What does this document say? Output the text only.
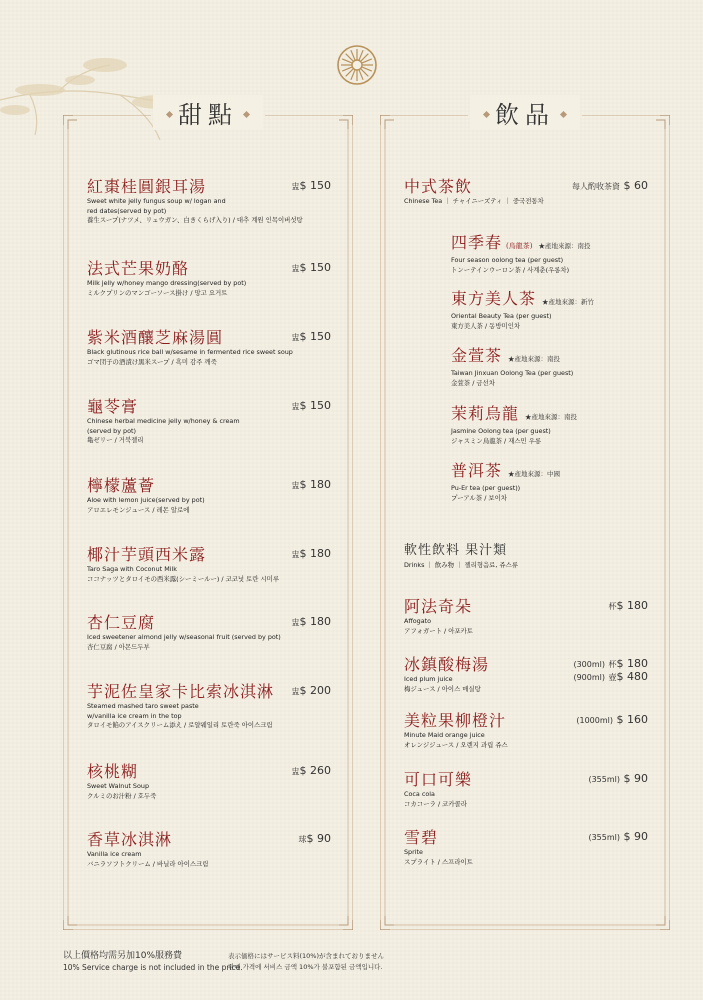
甜點
紅棗桂圓銀耳湯	盅$ 150
Sweet white jelly fungus soup w/ logan and
red dates(served by pot)
養生スープ(ナツメ、リュウガン、白きくらげ入り) / 대추 계원 인목이버섯탕
法式芒果奶酪	盅$ 150
Milk jelly w/honey mango dressing(served by pot)
ミルクプリンのマンゴーソース掛け / 망고 요거트
紫米酒釀芝麻湯圓	盅$ 150
Black glutinous rice ball w/sesame in fermented rice sweet soup
ゴマ団子の酒漬け黒米スープ / 흑미 감주 깨죽
龜苓膏	盅$ 150
Chinese herbal medicine jelly w/honey & cream
(served by pot)
亀ゼリー / 거북젤리
檸檬蘆薈	盅$ 180
Aloe with lemon juice(served by pot)
アロエレモンジュース / 레몬 알로에
椰汁芋頭西米露	盅$ 180
Taro Saga with Coconut Milk
ココナッツとタロイモの西米露(シーミールー) / 코코넛 토란 시미루
杏仁豆腐	盅$ 180
Iced sweetener almond jelly w/seasonal fruit (served by pot)
杏仁豆腐 / 아몬드두부
芋泥佐皇家卡比索冰淇淋	盅$ 200
Steamed mashed taro sweet paste
w/vanilla ice cream in the top
タロイモ餡のアイスクリーム添え / 로얄웨일리 토란죽 아이스크림
核桃糊	盅$ 260
Sweet Walnut Soup
クルミのお汁粉 / 호두죽
香草冰淇淋	球$ 90
Vanilla ice cream
バニラソフトクリーム / 바닐라 아이스크림
飲品
中式茶飲	每人酌收茶資 $ 60
Chinese Tea ｜ チャイニーズティ ｜ 중국전통차
四季春 (烏龍茶) ★產地來源：南投
Four season oolong tea (per guest)
トンーテインウーロン茶 / 사계춘(우롱차)
東方美人茶 ★產地來源：新竹
Oriental Beauty Tea (per guest)
東方美人茶 / 동방미인차
金萱茶 ★產地來源：南投
Taiwan Jinxuan Oolong Tea (per guest)
金萱茶 / 금선차
茉莉烏龍 ★產地來源：南投
Jasmine Oolong tea (per guest)
ジャスミン烏龍茶 / 재스민 우롱
普洱茶 ★產地來源：中國
Pu-Er tea (per guest))
プーアル茶 / 보이차
軟性飲料 果汁類
Drinks ｜ 飲み物 ｜ 젤리형음료, 쥬스류
阿法奇朵	杯$ 180
Affogato
アフォガート / 아포카토
冰鎮酸梅湯	(300ml) 杯$ 180
(900ml) 壺$ 480
Iced plum juice
梅ジュース / 아이스 매실탕
美粒果柳橙汁	(1000ml) $ 160
Minute Maid orange juice
オレンジジュース / 오렌지 과립 쥬스
可口可樂	(355ml) $ 90
Coca cola
コカコーラ / 코카콜라
雪碧	(355ml) $ 90
Sprite
スプライト / 스프라이트
以上價格均需另加10%服務費
10% Service charge is not included in the price.
表示価格にはサービス料(10%)が含まれておりません
판매 가격에 서비스 금액 10%가 불포함된 금액입니다.
